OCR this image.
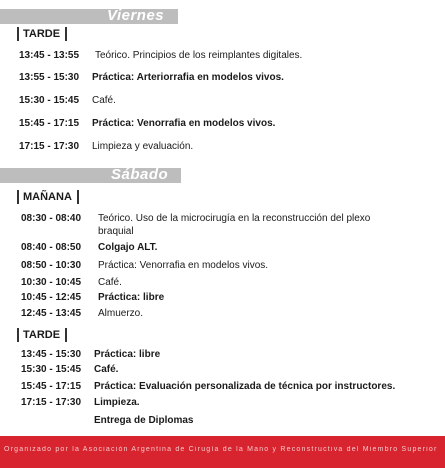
Viernes
TARDE
13:45 - 13:55 Teórico. Principios de los reimplantes digitales.
13:55 - 15:30 Práctica: Arteriorrafia en modelos vivos.
15:30 - 15:45 Café.
15:45 - 17:15 Práctica: Venorrafia en modelos vivos.
17:15 - 17:30 Limpieza y evaluación.
Sábado
MAÑANA
08:30 - 08:40 Teórico. Uso de la microcirugía en la reconstrucción del plexo braquial
08:40 - 08:50 Colgajo ALT.
08:50 - 10:30 Práctica: Venorrafia en modelos vivos.
10:30 - 10:45 Café.
10:45 - 12:45 Práctica: libre
12:45 - 13:45 Almuerzo.
TARDE
13:45 - 15:30 Práctica: libre
15:30 - 15:45 Café.
15:45 - 17:15 Práctica: Evaluación personalizada de técnica por instructores.
17:15 - 17:30 Limpieza.
Entrega de Diplomas
Organizado por la Asociación Argentina de Cirugía de la Mano y Reconstructiva del Miembro Superior
